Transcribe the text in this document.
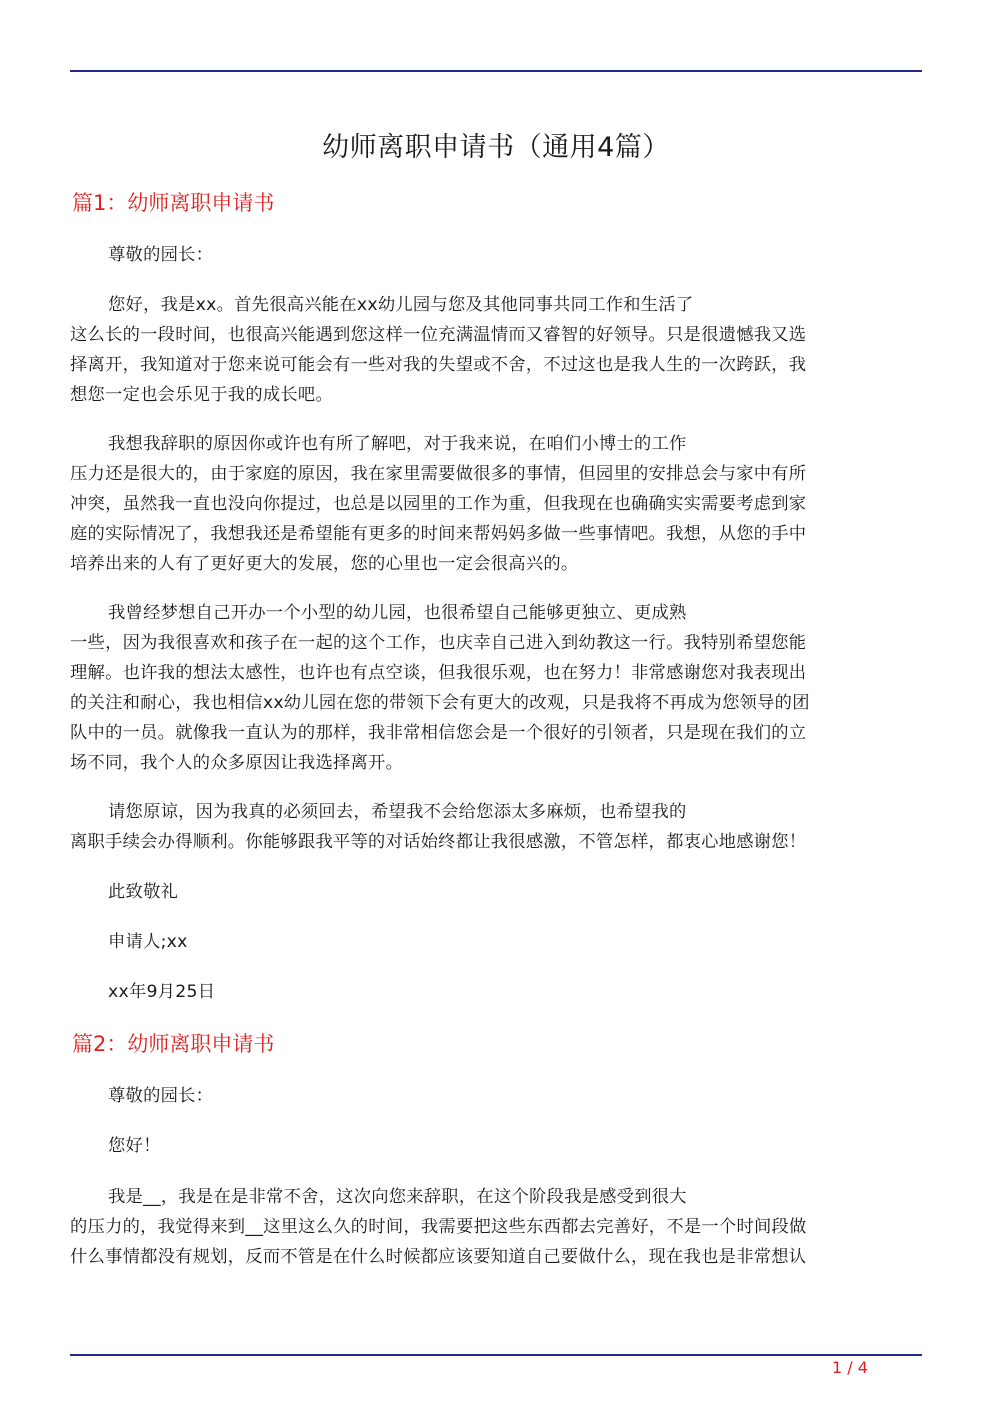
幼师离职申请书（通用4篇）
篇1：幼师离职申请书
尊敬的园长：
您好，我是xx。首先很高兴能在xx幼儿园与您及其他同事共同工作和生活了
这么长的一段时间，也很高兴能遇到您这样一位充满温情而又睿智的好领导。只是很遗憾我又选
择离开，我知道对于您来说可能会有一些对我的失望或不舍，不过这也是我人生的一次跨跃，我
想您一定也会乐见于我的成长吧。
我想我辞职的原因你或许也有所了解吧，对于我来说，在咱们小博士的工作
压力还是很大的，由于家庭的原因，我在家里需要做很多的事情，但园里的安排总会与家中有所
冲突，虽然我一直也没向你提过，也总是以园里的工作为重，但我现在也确确实实需要考虑到家
庭的实际情况了，我想我还是希望能有更多的时间来帮妈妈多做一些事情吧。我想，从您的手中
培养出来的人有了更好更大的发展，您的心里也一定会很高兴的。
我曾经梦想自己开办一个小型的幼儿园，也很希望自己能够更独立、更成熟
一些，因为我很喜欢和孩子在一起的这个工作，也庆幸自己进入到幼教这一行。我特别希望您能
理解。也许我的想法太感性，也许也有点空谈，但我很乐观，也在努力！非常感谢您对我表现出
的关注和耐心，我也相信xx幼儿园在您的带领下会有更大的改观，只是我将不再成为您领导的团
队中的一员。就像我一直认为的那样，我非常相信您会是一个很好的引领者，只是现在我们的立
场不同，我个人的众多原因让我选择离开。
请您原谅，因为我真的必须回去，希望我不会给您添太多麻烦，也希望我的
离职手续会办得顺利。你能够跟我平等的对话始终都让我很感激，不管怎样，都衷心地感谢您！
此致敬礼
申请人;xx
xx年9月25日
篇2：幼师离职申请书
尊敬的园长：
您好！
我是__，我是在是非常不舍，这次向您来辞职，在这个阶段我是感受到很大
的压力的，我觉得来到__这里这么久的时间，我需要把这些东西都去完善好，不是一个时间段做
什么事情都没有规划，反而不管是在什么时候都应该要知道自己要做什么，现在我也是非常想认
1 / 4
